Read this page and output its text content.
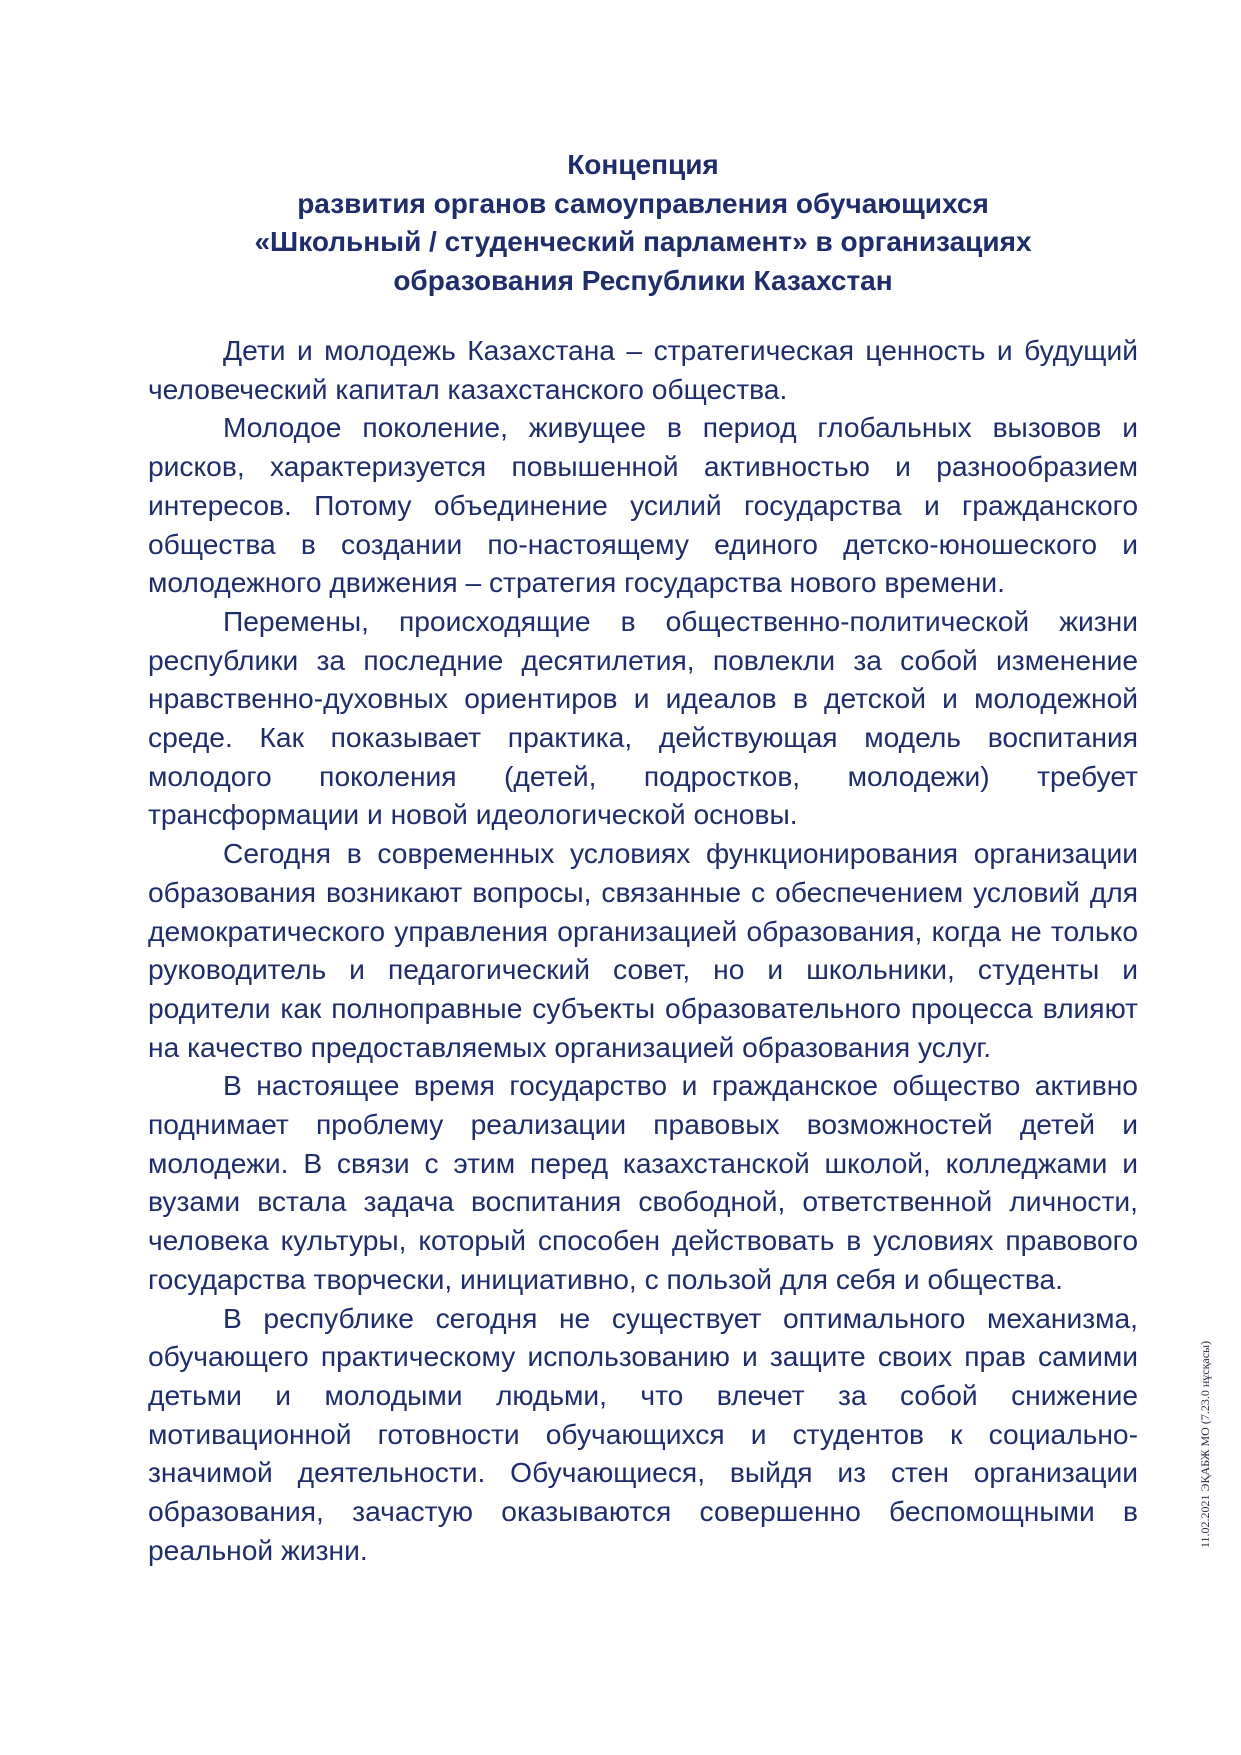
Концепция
развития органов самоуправления обучающихся
«Школьный / студенческий парламент» в организациях
образования Республики Казахстан

Дети и молодежь Казахстана – стратегическая ценность и будущий человеческий капитал казахстанского общества.

Молодое поколение, живущее в период глобальных вызовов и рисков, характеризуется повышенной активностью и разнообразием интересов. Потому объединение усилий государства и гражданского общества в создании по-настоящему единого детско-юношеского и молодежного движения – стратегия государства нового времени.

Перемены, происходящие в общественно-политической жизни республики за последние десятилетия, повлекли за собой изменение нравственно-духовных ориентиров и идеалов в детской и молодежной среде. Как показывает практика, действующая модель воспитания молодого поколения (детей, подростков, молодежи) требует трансформации и новой идеологической основы.

Сегодня в современных условиях функционирования организации образования возникают вопросы, связанные с обеспечением условий для демократического управления организацией образования, когда не только руководитель и педагогический совет, но и школьники, студенты и родители как полноправные субъекты образовательного процесса влияют на качество предоставляемых организацией образования услуг.

В настоящее время государство и гражданское общество активно поднимает проблему реализации правовых возможностей детей и молодежи. В связи с этим перед казахстанской школой, колледжами и вузами встала задача воспитания свободной, ответственной личности, человека культуры, который способен действовать в условиях правового государства творчески, инициативно, с пользой для себя и общества.

В республике сегодня не существует оптимального механизма, обучающего практическому использованию и защите своих прав самими детьми и молодыми людьми, что влечет за собой снижение мотивационной готовности обучающихся и студентов к социально-значимой деятельности. Обучающиеся, выйдя из стен организации образования, зачастую оказываются совершенно беспомощными в реальной жизни.

11.02.2021 ЭҚАБЖ МО (7.23.0 нұсқасы)
